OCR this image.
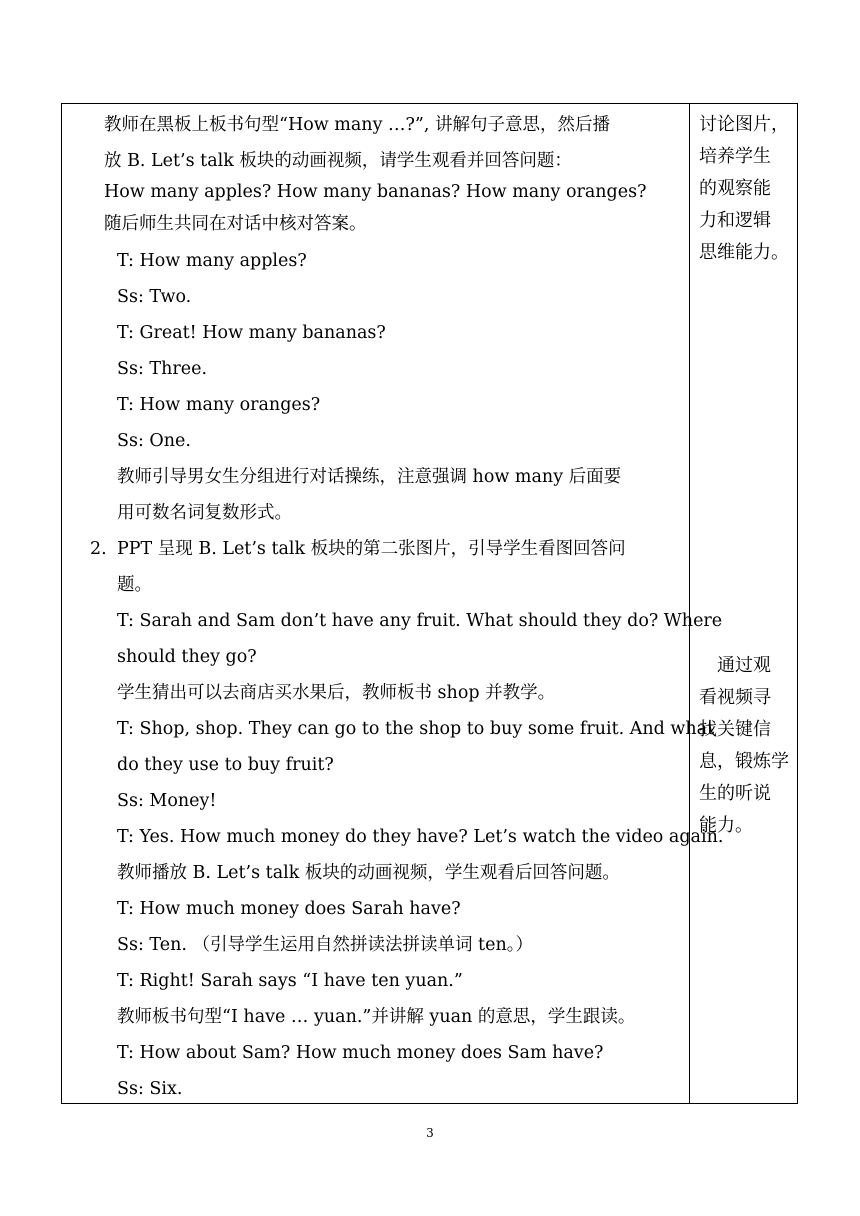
教师在黑板上板书句型“How many …?”, 讲解句子意思，然后播
放 B. Let’s talk 板块的动画视频，请学生观看并回答问题：
How many apples? How many bananas? How many oranges?
随后师生共同在对话中核对答案。
T: How many apples?
Ss: Two.
T: Great! How many bananas?
Ss: Three.
T: How many oranges?
Ss: One.
教师引导男女生分组进行对话操练，注意强调 how many 后面要
用可数名词复数形式。
2. PPT 呈现 B. Let’s talk 板块的第二张图片，引导学生看图回答问
题。
T: Sarah and Sam don’t have any fruit. What should they do? Where
should they go?
学生猜出可以去商店买水果后，教师板书 shop 并教学。
T: Shop, shop. They can go to the shop to buy some fruit. And what
do they use to buy fruit?
Ss: Money!
T: Yes. How much money do they have? Let’s watch the video again.
教师播放 B. Let’s talk 板块的动画视频，学生观看后回答问题。
T: How much money does Sarah have?
Ss: Ten. （引导学生运用自然拼读法拼读单词 ten。）
T: Right! Sarah says “I have ten yuan.”
教师板书句型“I have … yuan.”并讲解 yuan 的意思，学生跟读。
T: How about Sam? How much money does Sam have?
Ss: Six.
讨论图片，
培养学生
的观察能
力和逻辑
思维能力。
通过观
看视频寻
找关键信
息，锻炼学
生的听说
能力。
3
